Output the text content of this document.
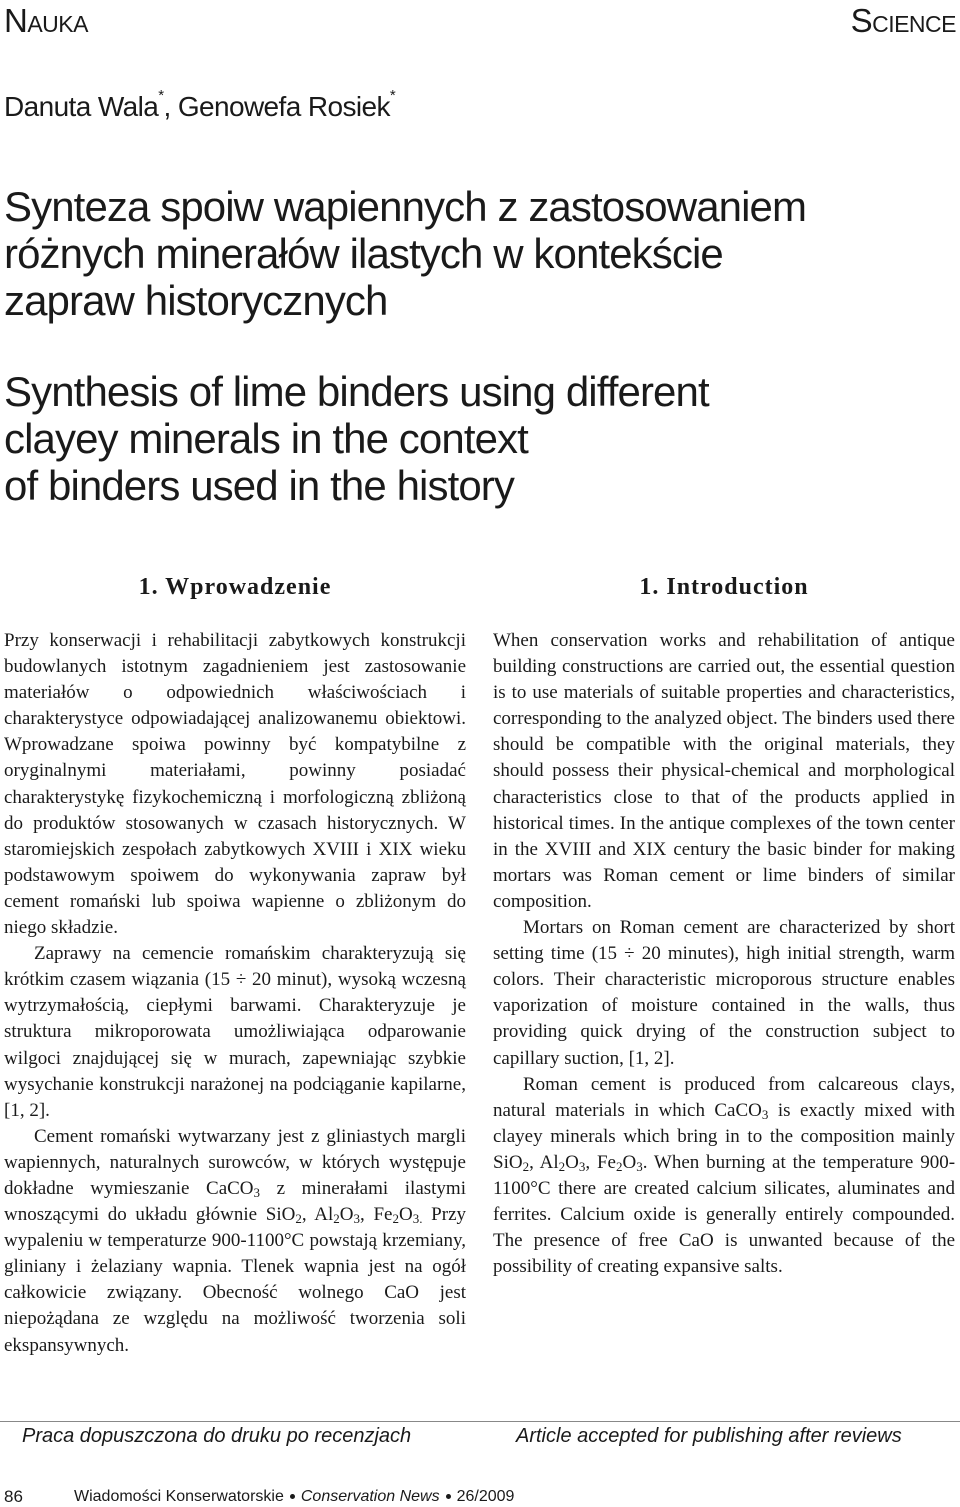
Nauka	Science
Danuta Wala*, Genowefa Rosiek*
Synteza spoiw wapiennych z zastosowaniem
różnych minerałów ilastych w kontekście
zapraw historycznych
Synthesis of lime binders using different
clayey minerals in the context
of binders used in the history
1. Wprowadzenie

Przy konserwacji i rehabilitacji zabytkowych konstrukcji budowlanych istotnym zagadnieniem jest zastosowanie materiałów o odpowiednich właściwościach i charakterystyce odpowiadającej analizowanemu obiektowi. Wprowadzane spoiwa powinny być kompatybilne z oryginalnymi materiałami, powinny posiadać charakterystykę fizykochemiczną i morfologiczną zbliżoną do produktów stosowanych w czasach historycznych. W staromiejskich zespołach zabytkowych XVIII i XIX wieku podstawowym spoiwem do wykonywania zapraw był cement romański lub spoiwa wapienne o zbliżonym do niego składzie.

Zaprawy na cemencie romańskim charakteryzują się krótkim czasem wiązania (15 ÷ 20 minut), wysoką wczesną wytrzymałością, ciepłymi barwami. Charakteryzuje je struktura mikroporowata umożliwiająca odparowanie wilgoci znajdującej się w murach, zapewniając szybkie wysychanie konstrukcji narażonej na podciąganie kapilarne, [1, 2].

Cement romański wytwarzany jest z gliniastych margli wapiennych, naturalnych surowców, w których występuje dokładne wymieszanie CaCO$_3$ z minerałami ilastymi wnoszącymi do układu głównie SiO$_2$, $Al_2O_3$, $Fe_2O_{3.}$ Przy wypaleniu w temperaturze 900-1100°C powstają krzemiany, gliniany i żelaziany wapnia. Tlenek wapnia jest na ogół całkowicie związany. Obecność wolnego CaO jest niepożądana ze względu na możliwość tworzenia soli ekspansywnych.

1. Introduction

When conservation works and rehabilitation of antique building constructions are carried out, the essential question is to use materials of suitable properties and characteristics, corresponding to the analyzed object. The binders used there should be compatible with the original materials, they should possess their physical-chemical and morphological characteristics close to that of the products applied in historical times. In the antique complexes of the town center in the XVIII and XIX century the basic binder for making mortars was Roman cement or lime binders of similar composition.

Mortars on Roman cement are characterized by short setting time (15 ÷ 20 minutes), high initial strength, warm colors. Their characteristic microporous structure enables vaporization of moisture contained in the walls, thus providing quick drying of the construction subject to capillary suction, [1, 2].

Roman cement is produced from calcareous clays, natural materials in which CaCO$_3$ is exactly mixed with clayey minerals which bring in to the composition mainly SiO$_2$, $Al_2O_3$, $Fe_2O_3$. When burning at the temperature 900-1100°C there are created calcium silicates, aluminates and ferrites. Calcium oxide is generally entirely compounded. The presence of free CaO is unwanted because of the possibility of creating expansive salts.

Praca dopuszczona do druku po recenzjach	Article accepted for publishing after reviews
86	Wiadomości Konserwatorskie Conservation News 26/2009
